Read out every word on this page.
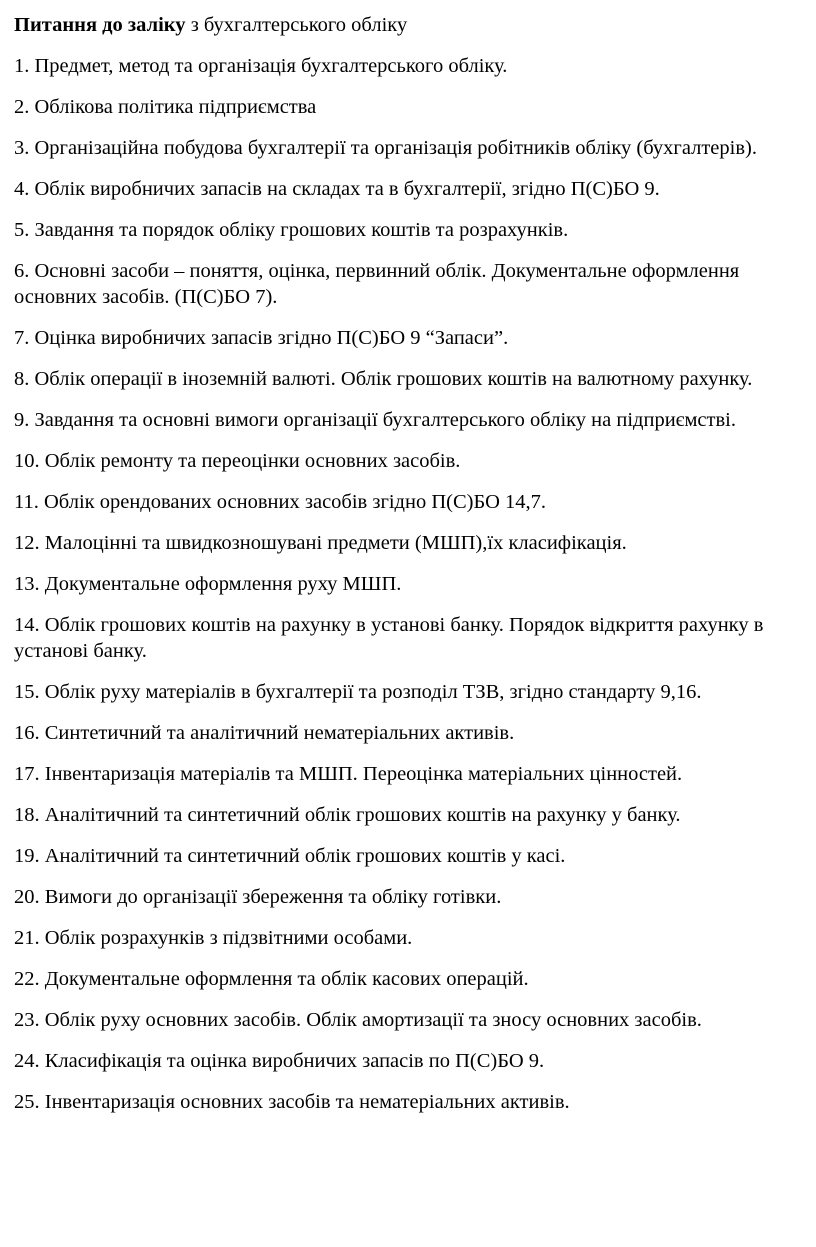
Питання до заліку з бухгалтерського обліку
1. Предмет, метод та організація бухгалтерського обліку.
2. Облікова політика підприємства
3. Організаційна побудова бухгалтерії та організація робітників обліку (бухгалтерів).
4. Облік виробничих запасів на складах та в бухгалтерії, згідно П(С)БО 9.
5. Завдання та порядок обліку грошових коштів та розрахунків.
6. Основні засоби – поняття, оцінка, первинний облік. Документальне оформлення основних засобів. (П(С)БО 7).
7. Оцінка виробничих запасів згідно П(С)БО 9 “Запаси”.
8. Облік операції в іноземній валюті. Облік грошових коштів на валютному рахунку.
9. Завдання та основні вимоги організації бухгалтерського обліку на підприємстві.
10. Облік ремонту та переоцінки основних засобів.
11. Облік орендованих основних засобів згідно П(С)БО 14,7.
12. Малоцінні та швидкозношувані предмети (МШП),їх класифікація.
13. Документальне оформлення руху МШП.
14. Облік грошових коштів на рахунку в установі банку. Порядок відкриття рахунку в установі банку.
15. Облік руху матеріалів в бухгалтерії та розподіл ТЗВ, згідно стандарту 9,16.
16. Синтетичний та аналітичний нематеріальних активів.
17. Інвентаризація матеріалів та МШП. Переоцінка матеріальних цінностей.
18. Аналітичний та синтетичний облік грошових коштів на рахунку у банку.
19. Аналітичний та синтетичний облік грошових коштів у касі.
20. Вимоги до організації збереження та обліку готівки.
21. Облік розрахунків з підзвітними особами.
22. Документальне оформлення та облік касових операцій.
23. Облік руху основних засобів. Облік амортизації та зносу основних засобів.
24. Класифікація та оцінка виробничих запасів по П(С)БО 9.
25. Інвентаризація основних засобів та нематеріальних активів.
